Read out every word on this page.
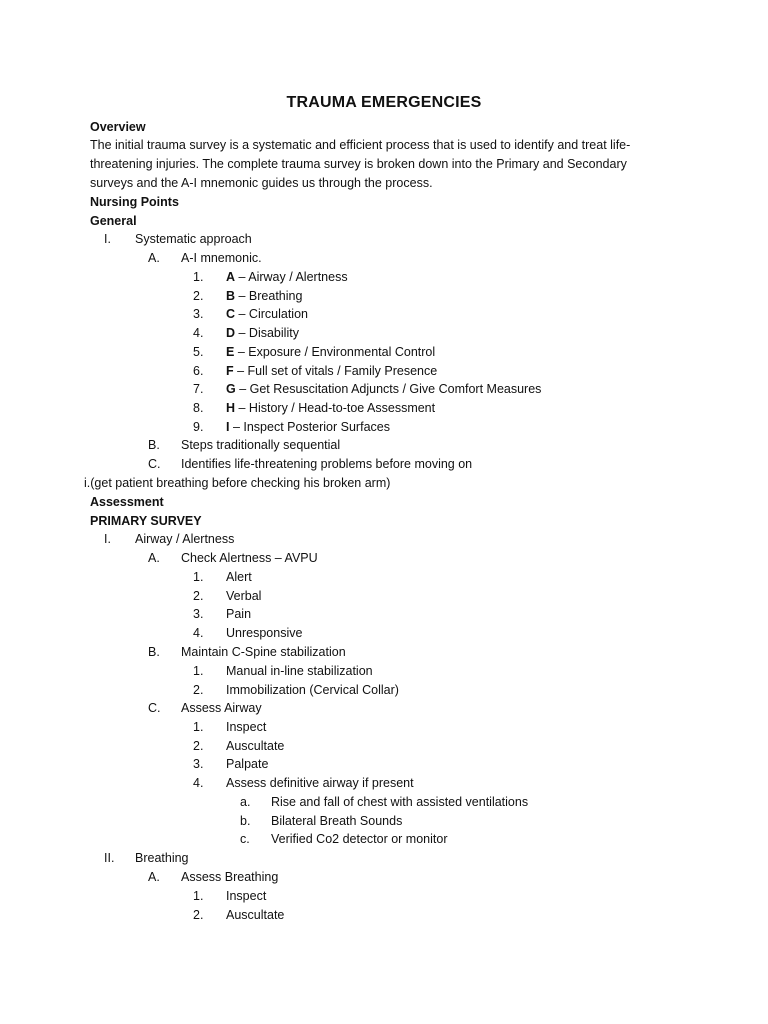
TRAUMA EMERGENCIES
Overview
The initial trauma survey is a systematic and efficient process that is used to identify and treat life-threatening injuries. The complete trauma survey is broken down into the Primary and Secondary surveys and the A-I mnemonic guides us through the process.
Nursing Points
General
I. Systematic approach
A. A-I mnemonic.
1. A – Airway / Alertness
2. B – Breathing
3. C – Circulation
4. D – Disability
5. E – Exposure / Environmental Control
6. F – Full set of vitals / Family Presence
7. G – Get Resuscitation Adjuncts / Give Comfort Measures
8. H – History / Head-to-toe Assessment
9. I – Inspect Posterior Surfaces
B. Steps traditionally sequential
C. Identifies life-threatening problems before moving on
i.(get patient breathing before checking his broken arm)
Assessment
PRIMARY SURVEY
I. Airway / Alertness
A. Check Alertness – AVPU
1. Alert
2. Verbal
3. Pain
4. Unresponsive
B. Maintain C-Spine stabilization
1. Manual in-line stabilization
2. Immobilization (Cervical Collar)
C. Assess Airway
1. Inspect
2. Auscultate
3. Palpate
4. Assess definitive airway if present
a. Rise and fall of chest with assisted ventilations
b. Bilateral Breath Sounds
c. Verified Co2 detector or monitor
II. Breathing
A. Assess Breathing
1. Inspect
2. Auscultate
